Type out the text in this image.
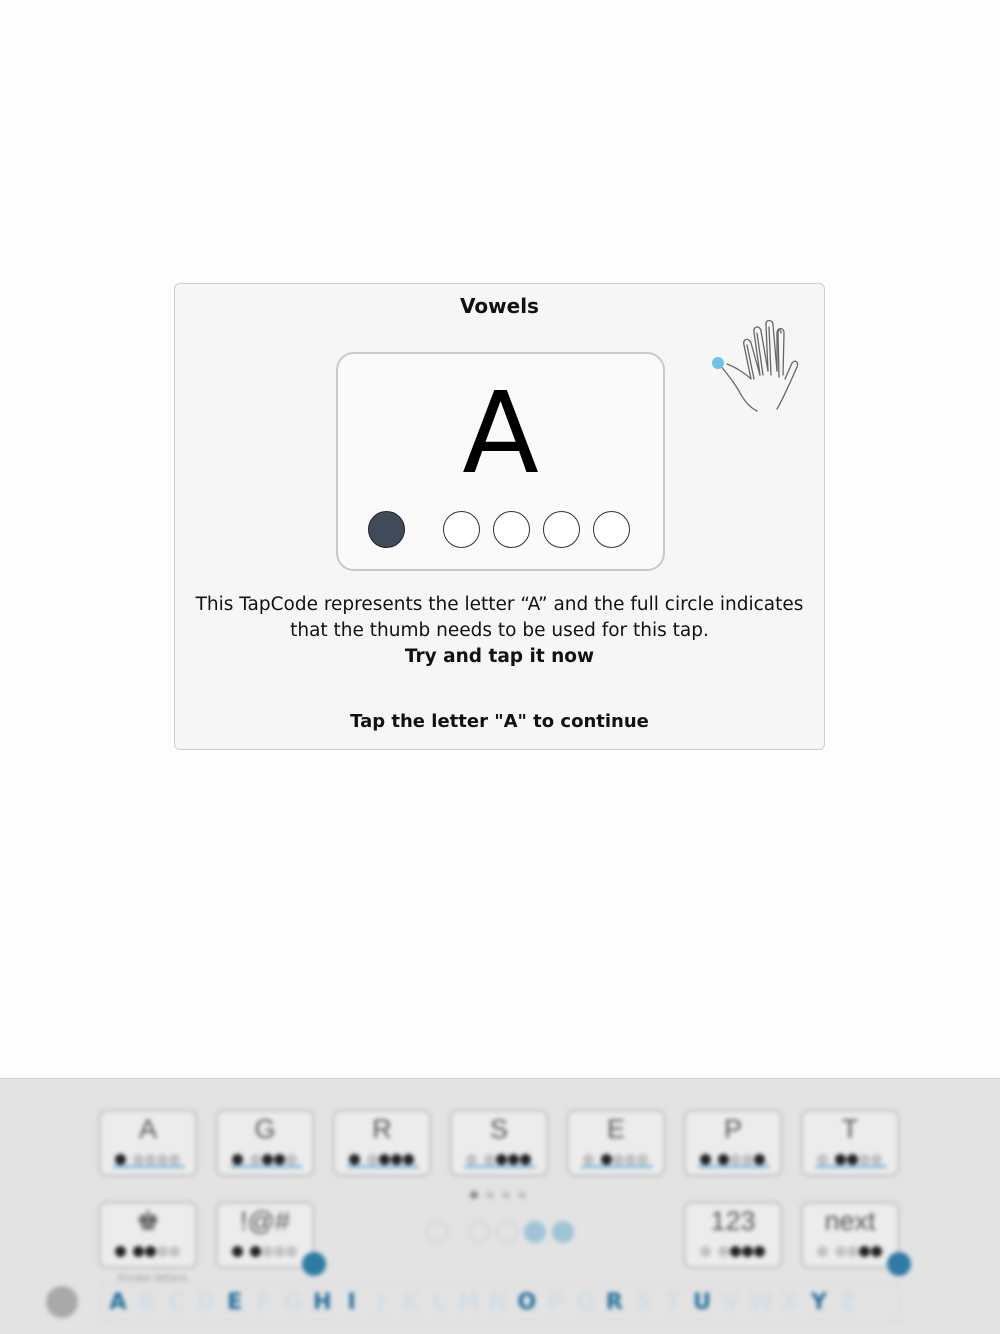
Vowels
A
This TapCode represents the letter “A” and the full circle indicates
that the thumb needs to be used for this tap.
Try and tap it now
Tap the letter "A" to continue
Known letters
A B C D E F G H I J K L M N O P Q R S T U V W X Y Z
A	G	R	S	E	P	T
♚	!@#	123	next
